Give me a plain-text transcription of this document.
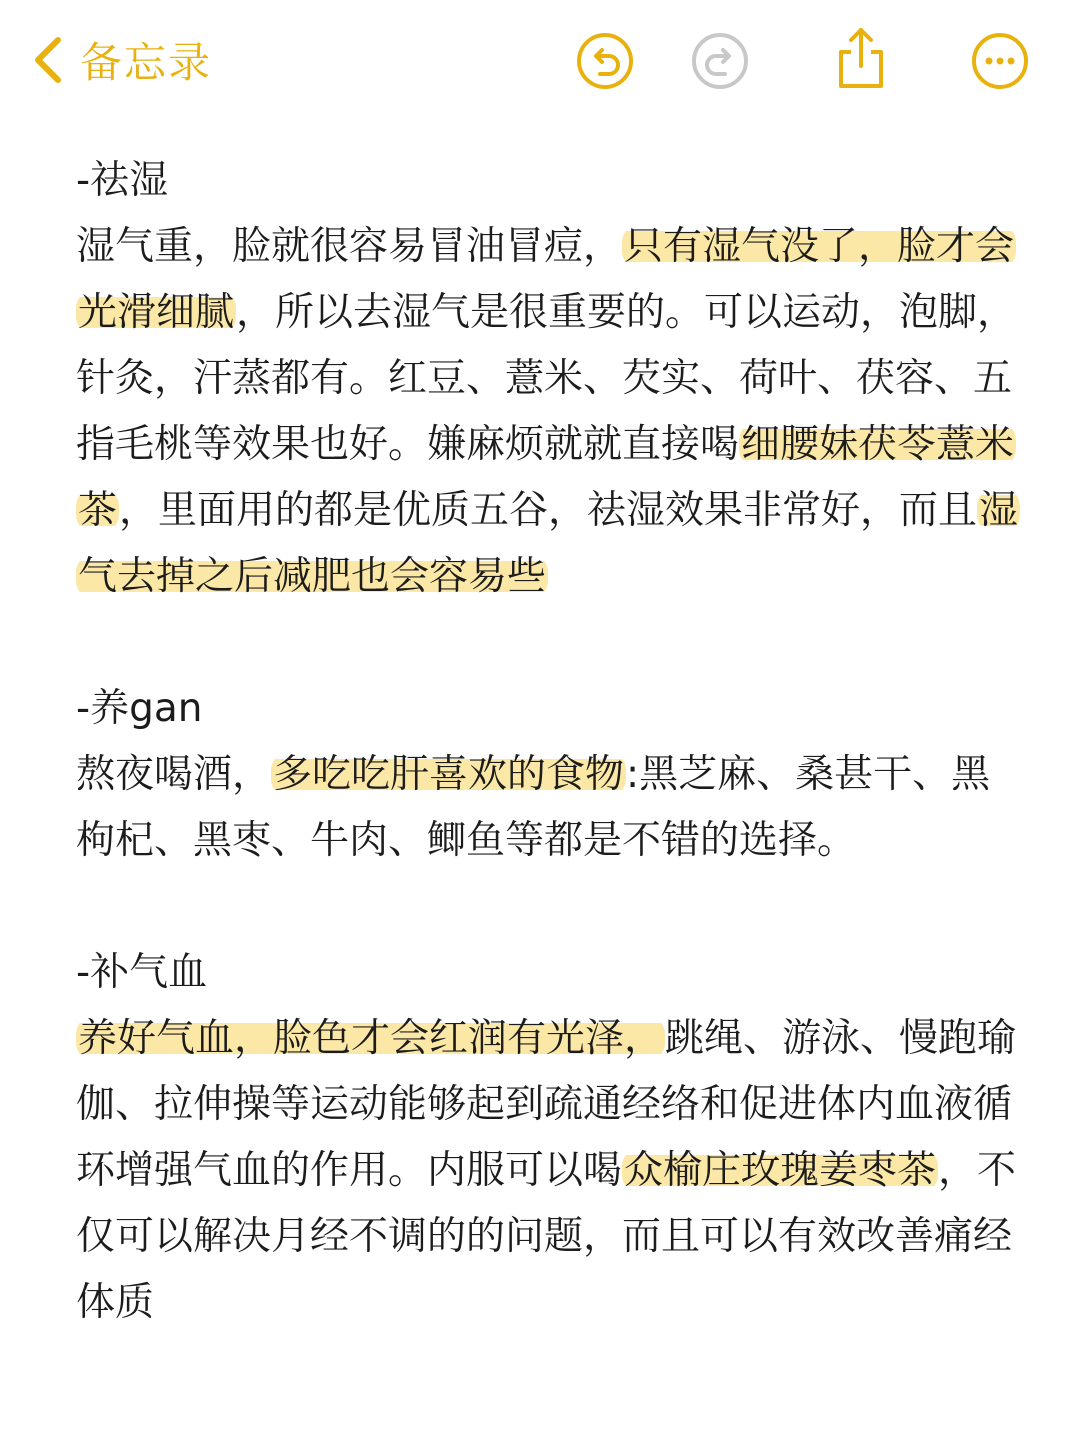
备忘录
-祛湿

湿气重，脸就很容易冒油冒痘，只有湿气没了，脸才会光滑细腻，所以去湿气是很重要的。可以运动，泡脚，针灸，汗蒸都有。红豆、薏米、芡实、荷叶、茯容、五指毛桃等效果也好。嫌麻烦就就直接喝细腰妹茯苓薏米茶，里面用的都是优质五谷，祛湿效果非常好，而且湿气去掉之后减肥也会容易些

-养gan

熬夜喝酒，多吃吃肝喜欢的食物:黑芝麻、桑甚干、黑枸杞、黑枣、牛肉、鲫鱼等都是不错的选择。

-补气血

养好气血，脸色才会红润有光泽，跳绳、游泳、慢跑瑜伽、拉伸操等运动能够起到疏通经络和促进体内血液循环增强气血的作用。内服可以喝众榆庄玫瑰姜枣茶，不仅可以解决月经不调的的问题，而且可以有效改善痛经体质
